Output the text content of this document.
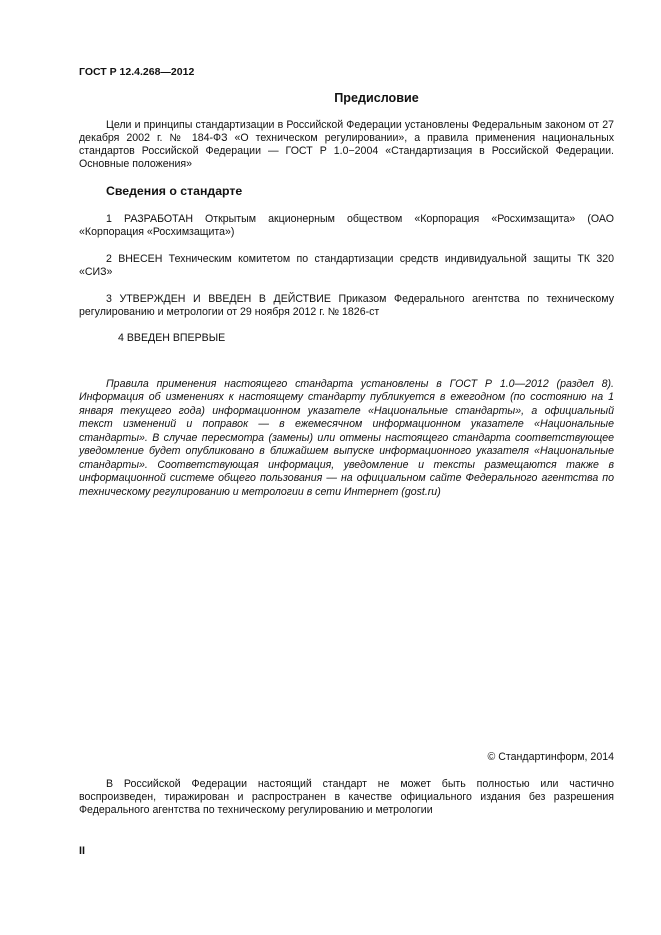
ГОСТ Р 12.4.268—2012
Предисловие

Цели и принципы стандартизации в Российской Федерации установлены Федеральным законом от 27 декабря 2002 г. № 184-ФЗ «О техническом регулировании», а правила применения национальных стандартов Российской Федерации — ГОСТ Р 1.0−2004 «Стандартизация в Российской Федерации. Основные положения»

Сведения о стандарте

1 РАЗРАБОТАН Открытым акционерным обществом «Корпорация «Росхимзащита» (ОАО «Корпорация «Росхимзащита»)

2 ВНЕСЕН Техническим комитетом по стандартизации средств индивидуальной защиты ТК 320 «СИЗ»

3 УТВЕРЖДЕН И ВВЕДЕН В ДЕЙСТВИЕ Приказом Федерального агентства по техническому регулированию и метрологии от 29 ноября 2012 г. № 1826-ст

4 ВВЕДЕН ВПЕРВЫЕ

Правила применения настоящего стандарта установлены в ГОСТ Р 1.0—2012 (раздел 8). Информация об изменениях к настоящему стандарту публикуется в ежегодном (по состоянию на 1 января текущего года) информационном указателе «Национальные стандарты», а официальный текст изменений и поправок — в ежемесячном информационном указателе «Национальные стандарты». В случае пересмотра (замены) или отмены настоящего стандарта соответствующее уведомление будет опубликовано в ближайшем выпуске информационного указателя «Национальные стандарты». Соответствующая информация, уведомление и тексты размещаются также в информационной системе общего пользования — на официальном сайте Федерального агентства по техническому регулированию и метрологии в сети Интернет (gost.ru)

© Стандартинформ, 2014

В Российской Федерации настоящий стандарт не может быть полностью или частично воспроизведен, тиражирован и распространен в качестве официального издания без разрешения Федерального агентства по техническому регулированию и метрологии

II
